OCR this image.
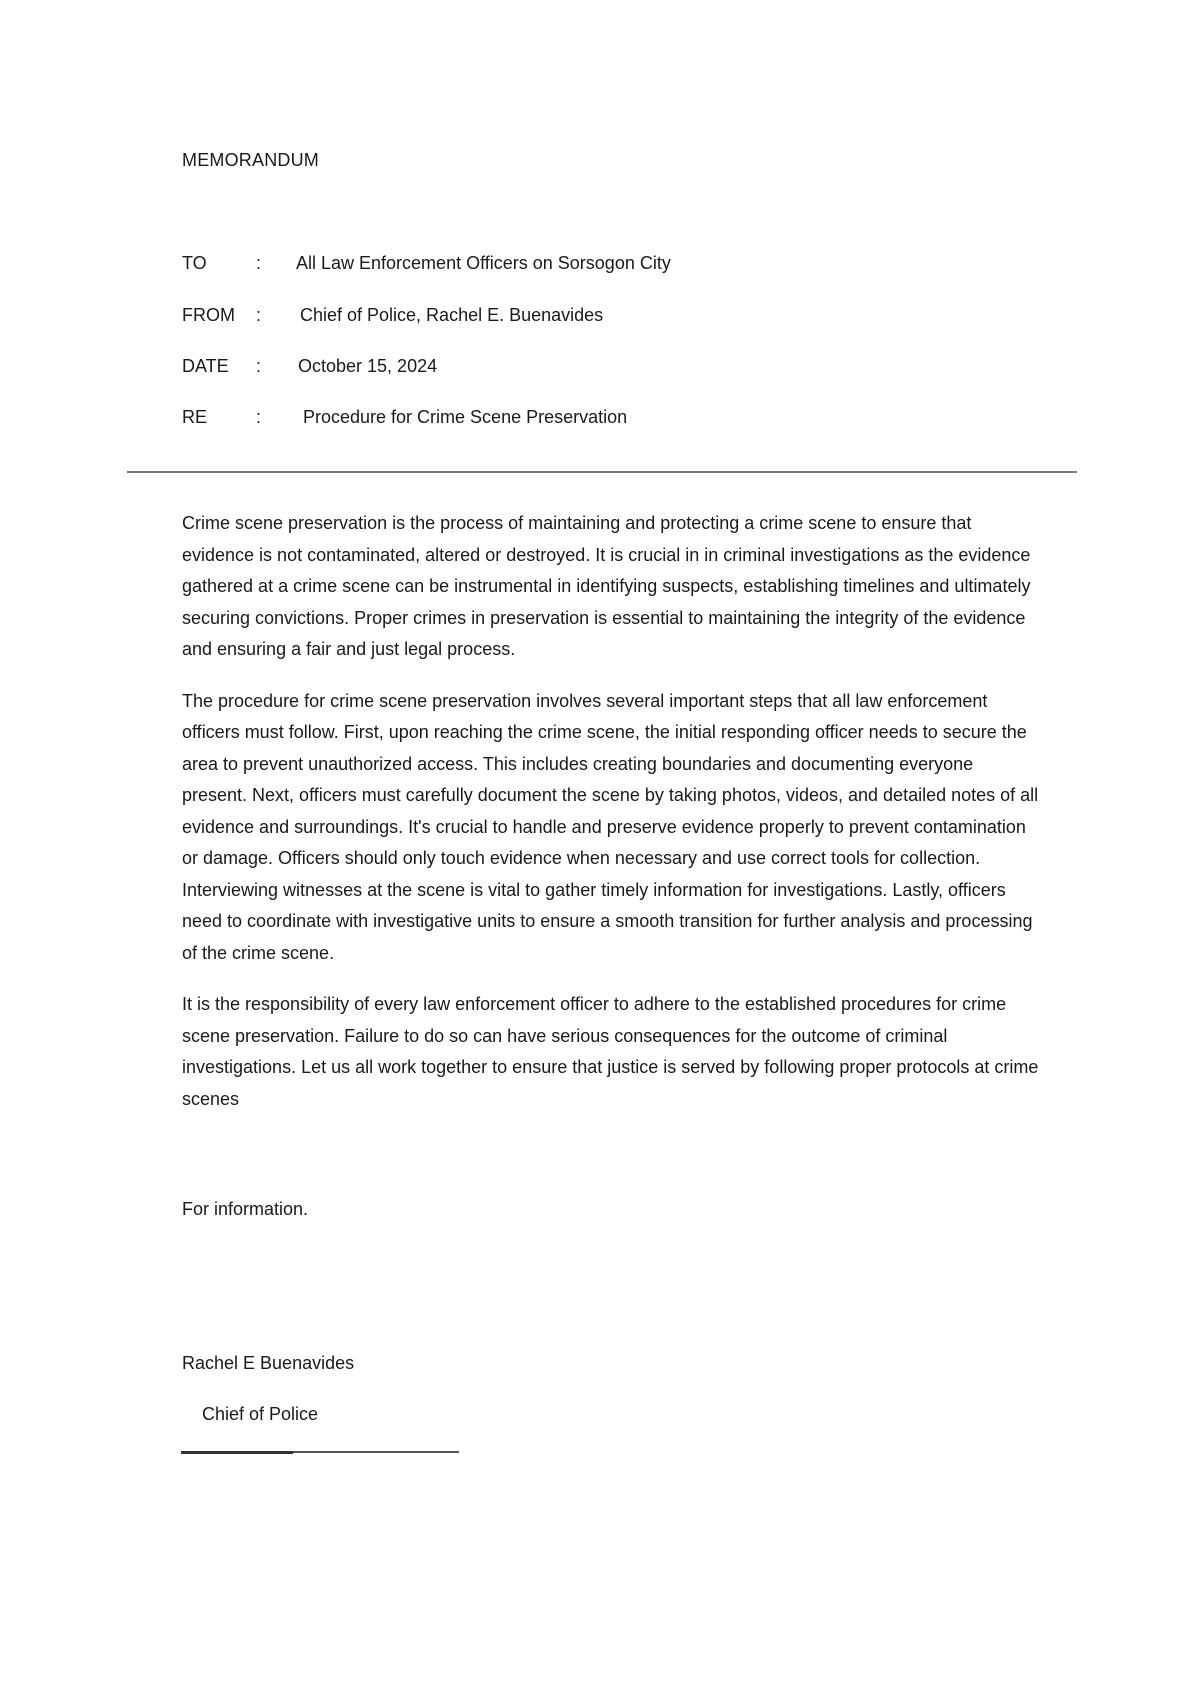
MEMORANDUM
TO	:	All Law Enforcement Officers on Sorsogon City
FROM	:	Chief of Police, Rachel E. Buenavides
DATE	:	October 15, 2024
RE	:	Procedure for Crime Scene Preservation

Crime scene preservation is the process of maintaining and protecting a crime scene to ensure that evidence is not contaminated, altered or destroyed. It is crucial in in criminal investigations as the evidence gathered at a crime scene can be instrumental in identifying suspects, establishing timelines and ultimately securing convictions. Proper crimes in preservation is essential to maintaining the integrity of the evidence and ensuring a fair and just legal process.

The procedure for crime scene preservation involves several important steps that all law enforcement officers must follow. First, upon reaching the crime scene, the initial responding officer needs to secure the area to prevent unauthorized access. This includes creating boundaries and documenting everyone present. Next, officers must carefully document the scene by taking photos, videos, and detailed notes of all evidence and surroundings. It's crucial to handle and preserve evidence properly to prevent contamination or damage. Officers should only touch evidence when necessary and use correct tools for collection. Interviewing witnesses at the scene is vital to gather timely information for investigations. Lastly, officers need to coordinate with investigative units to ensure a smooth transition for further analysis and processing of the crime scene.

It is the responsibility of every law enforcement officer to adhere to the established procedures for crime scene preservation. Failure to do so can have serious consequences for the outcome of criminal investigations. Let us all work together to ensure that justice is served by following proper protocols at crime scenes

For information.
Rachel E Buenavides
Chief of Police
